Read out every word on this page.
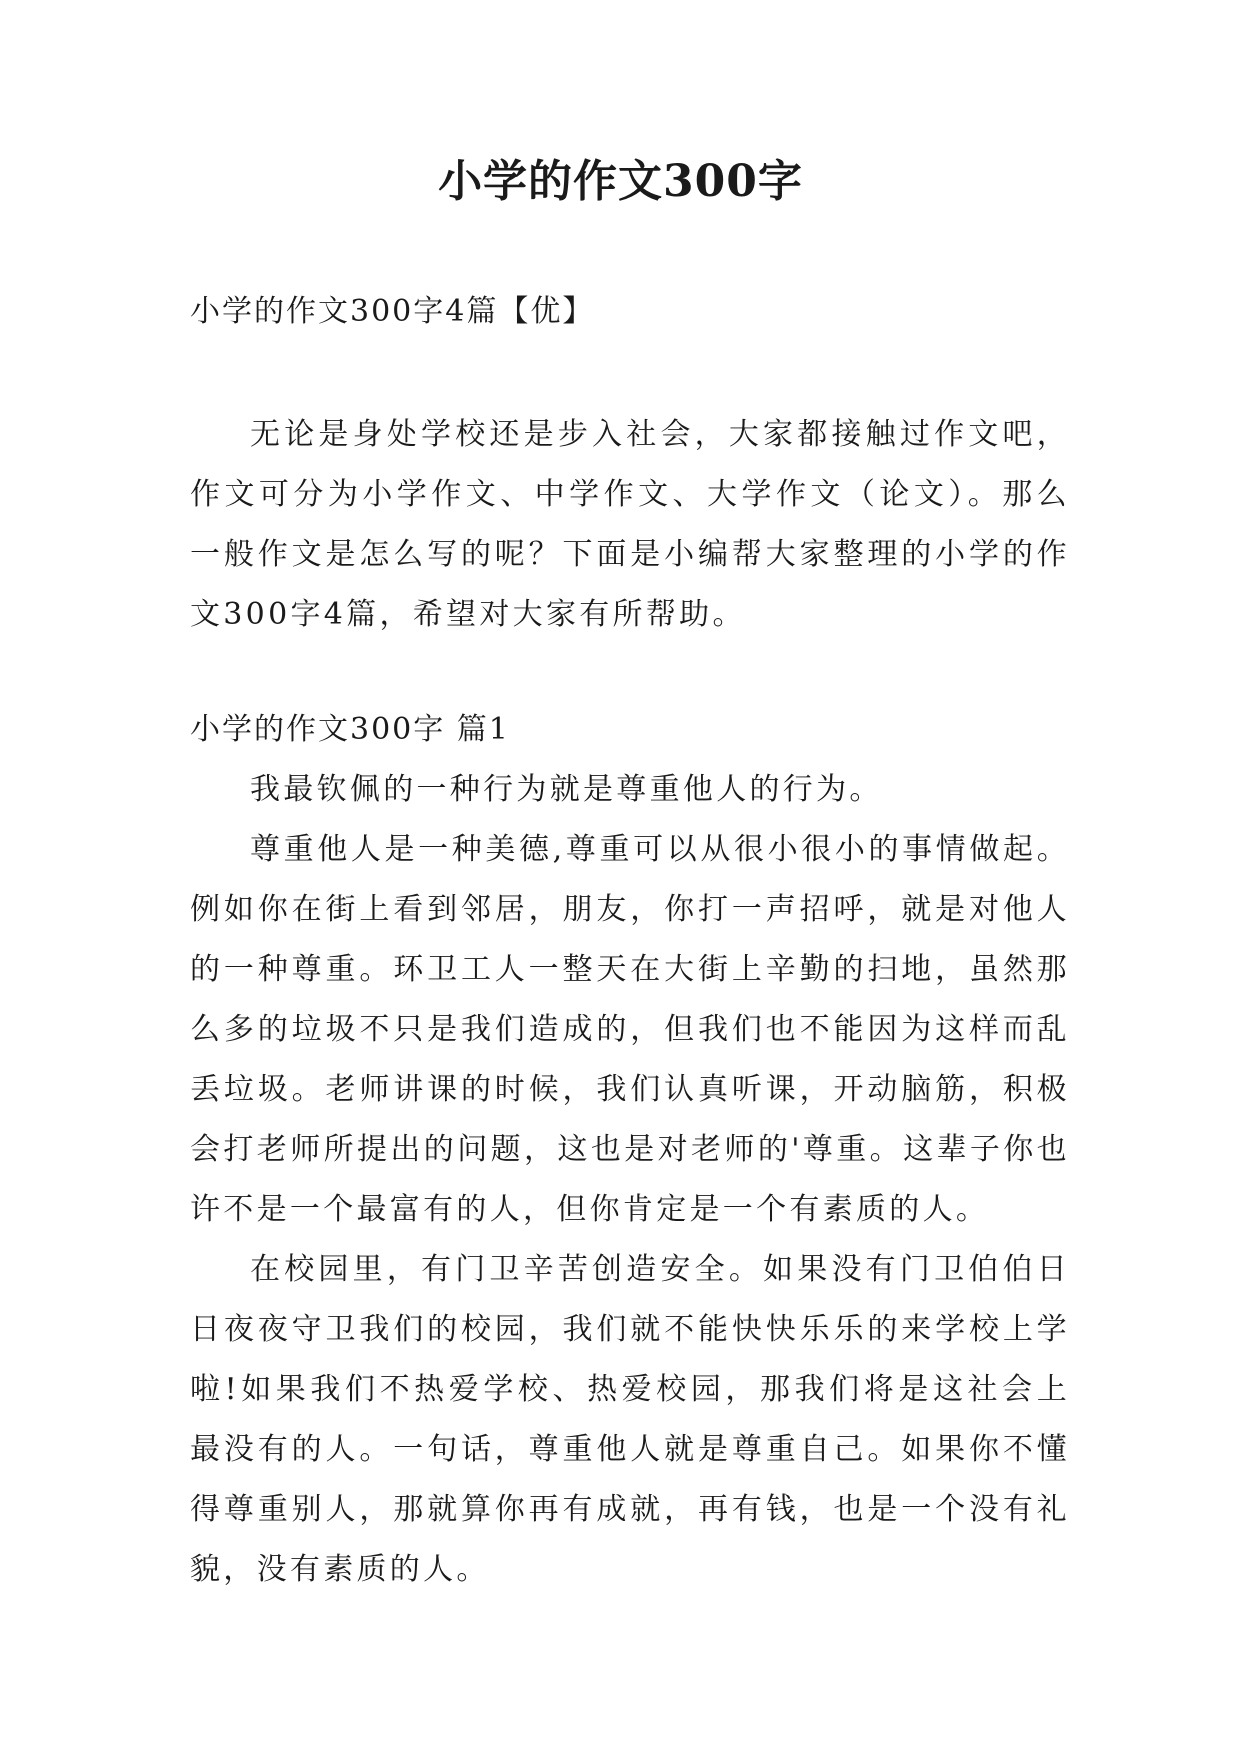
小学的作文300字
小学的作文300字4篇【优】

无论是身处学校还是步入社会，大家都接触过作文吧，作文可分为小学作文、中学作文、大学作文（论文）。那么一般作文是怎么写的呢？下面是小编帮大家整理的小学的作文300字4篇，希望对大家有所帮助。

小学的作文300字 篇1

我最钦佩的一种行为就是尊重他人的行为。

尊重他人是一种美德,尊重可以从很小很小的事情做起。例如你在街上看到邻居，朋友，你打一声招呼，就是对他人的一种尊重。环卫工人一整天在大街上辛勤的扫地，虽然那么多的垃圾不只是我们造成的，但我们也不能因为这样而乱丢垃圾。老师讲课的时候，我们认真听课，开动脑筋，积极会打老师所提出的问题，这也是对老师的'尊重。这辈子你也许不是一个最富有的人，但你肯定是一个有素质的人。

在校园里，有门卫辛苦创造安全。如果没有门卫伯伯日日夜夜守卫我们的校园，我们就不能快快乐乐的来学校上学啦!如果我们不热爱学校、热爱校园，那我们将是这社会上最没有的人。一句话，尊重他人就是尊重自己。如果你不懂得尊重别人，那就算你再有成就，再有钱，也是一个没有礼貌，没有素质的人。
